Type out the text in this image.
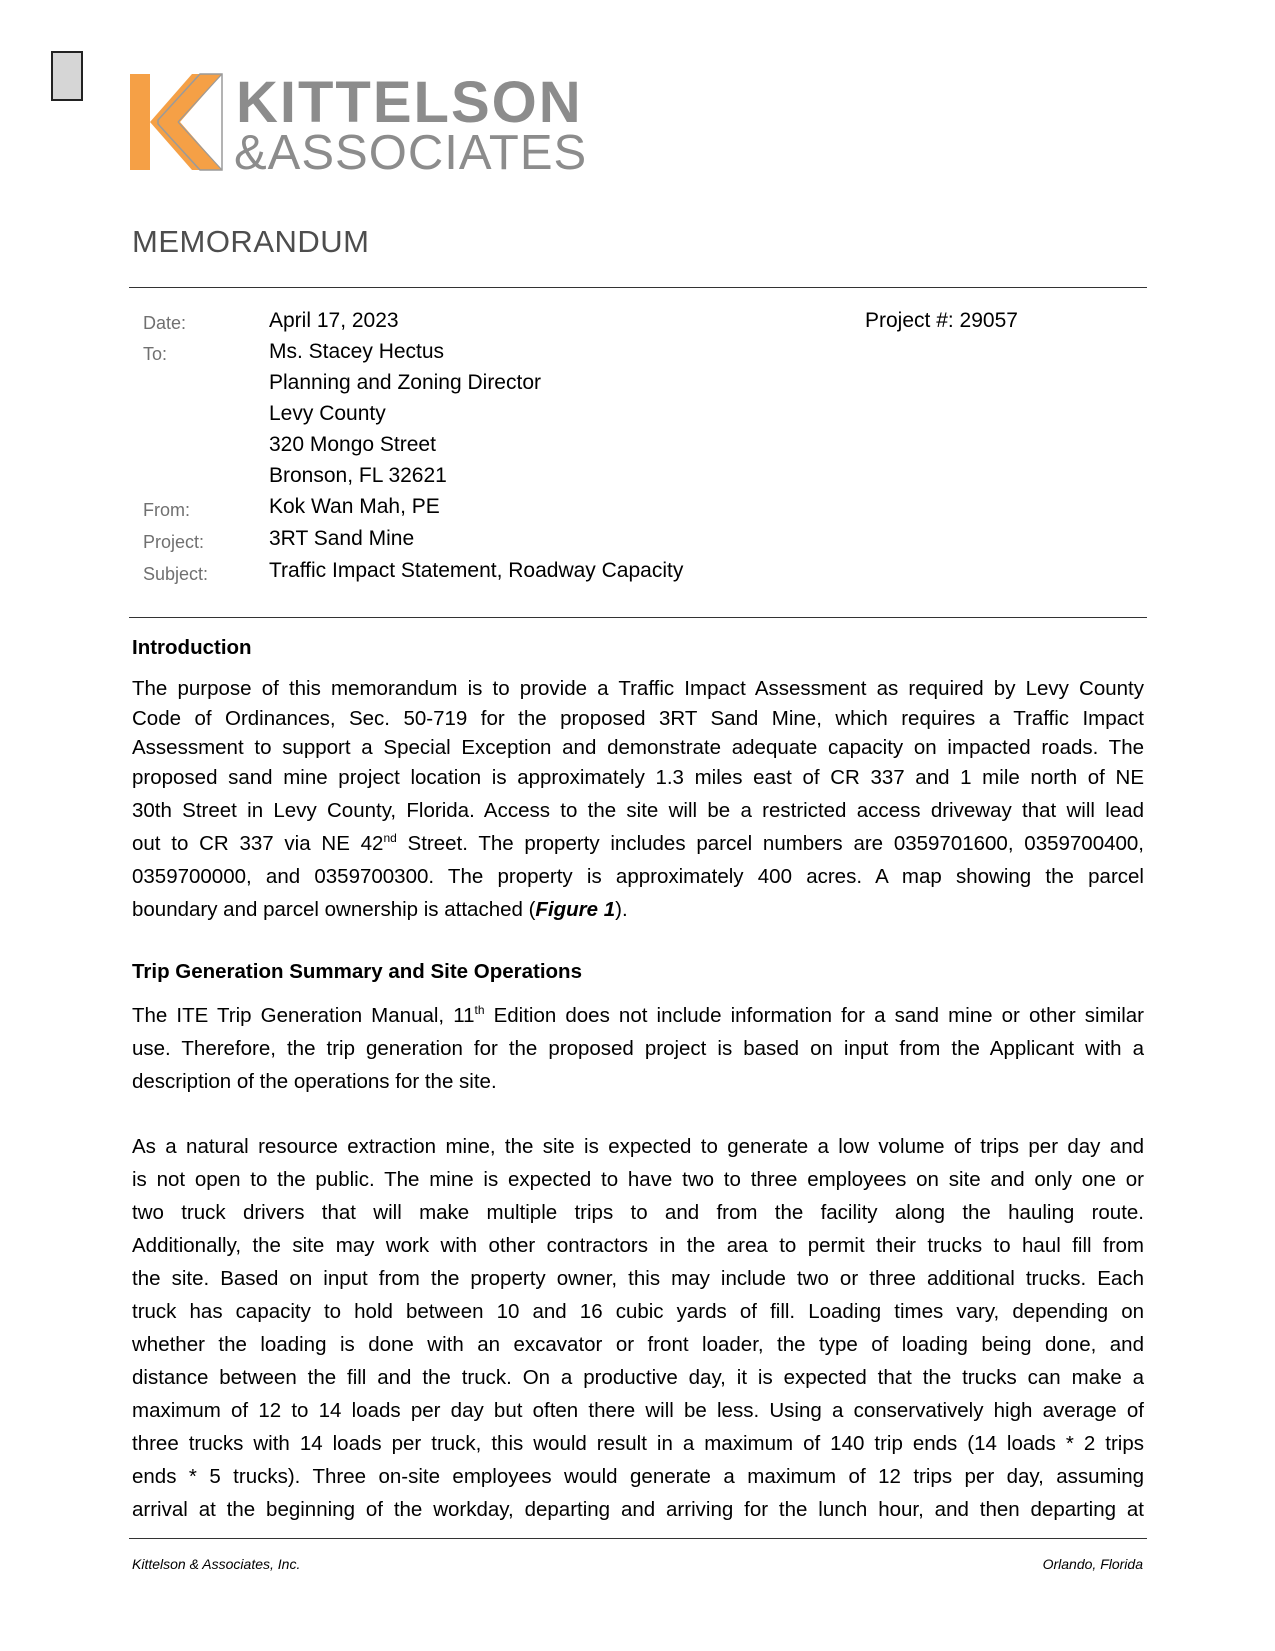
KITTELSON
&ASSOCIATES
MEMORANDUM
Date:	April 17, 2023	Project #: 29057
To:	Ms. Stacey Hectus
Planning and Zoning Director
Levy County
320 Mongo Street
Bronson, FL 32621
From:	Kok Wan Mah, PE
Project:	3RT Sand Mine
Subject:	Traffic Impact Statement, Roadway Capacity
Introduction
The purpose of this memorandum is to provide a Traffic Impact Assessment as required by Levy County
Code of Ordinances, Sec. 50-719 for the proposed 3RT Sand Mine, which requires a Traffic Impact
Assessment to support a Special Exception and demonstrate adequate capacity on impacted roads. The
proposed sand mine project location is approximately 1.3 miles east of CR 337 and 1 mile north of NE
30th Street in Levy County, Florida. Access to the site will be a restricted access driveway that will lead
out to CR 337 via NE 42nd Street. The property includes parcel numbers are 0359701600, 0359700400,
0359700000, and 0359700300. The property is approximately 400 acres. A map showing the parcel
boundary and parcel ownership is attached (Figure 1).
Trip Generation Summary and Site Operations
The ITE Trip Generation Manual, 11th Edition does not include information for a sand mine or other similar
use. Therefore, the trip generation for the proposed project is based on input from the Applicant with a
description of the operations for the site.
As a natural resource extraction mine, the site is expected to generate a low volume of trips per day and
is not open to the public. The mine is expected to have two to three employees on site and only one or
two truck drivers that will make multiple trips to and from the facility along the hauling route.
Additionally, the site may work with other contractors in the area to permit their trucks to haul fill from
the site. Based on input from the property owner, this may include two or three additional trucks. Each
truck has capacity to hold between 10 and 16 cubic yards of fill. Loading times vary, depending on
whether the loading is done with an excavator or front loader, the type of loading being done, and
distance between the fill and the truck. On a productive day, it is expected that the trucks can make a
maximum of 12 to 14 loads per day but often there will be less. Using a conservatively high average of
three trucks with 14 loads per truck, this would result in a maximum of 140 trip ends (14 loads * 2 trips
ends * 5 trucks). Three on-site employees would generate a maximum of 12 trips per day, assuming
arrival at the beginning of the workday, departing and arriving for the lunch hour, and then departing at
Kittelson & Associates, Inc.	Orlando, Florida
